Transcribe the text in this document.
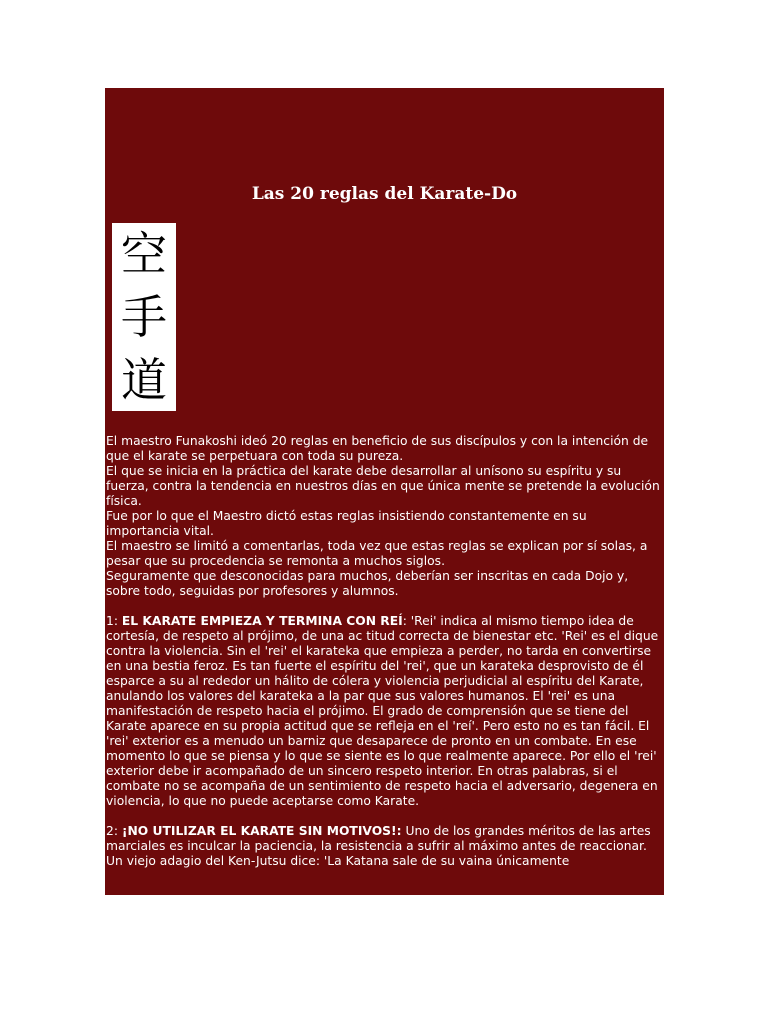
Las 20 reglas del Karate-Do
空
手
道

El maestro Funakoshi ideó 20 reglas en beneficio de sus discípulos y con la intención de que el karate se perpetuara con toda su pureza.

El que se inicia en la práctica del karate debe desarrollar al unísono su espíritu y su fuerza, contra la tendencia en nuestros días en que única mente se pretende la evolución física.

Fue por lo que el Maestro dictó estas reglas insistiendo constantemente en su importancia vital.

El maestro se limitó a comentarlas, toda vez que estas reglas se explican por sí solas, a pesar que su procedencia se remonta a muchos siglos.

Seguramente que desconocidas para muchos, deberían ser inscritas en cada Dojo y, sobre todo, seguidas por profesores y alumnos.

1: EL KARATE EMPIEZA Y TERMINA CON REÍ: 'Rei' indica al mismo tiempo idea de cortesía, de respeto al prójimo, de una ac titud correcta de bienestar etc. 'Rei' es el dique contra la violencia. Sin el 'rei' el karateka que empieza a perder, no tarda en convertirse en una bestia feroz. Es tan fuerte el espíritu del 'rei', que un karateka desprovisto de él esparce a su al rededor un hálito de cólera y violencia perjudicial al espíritu del Karate, anulando los valores del karateka a la par que sus valores humanos. El 'rei' es una manifestación de respeto hacia el prójimo. El grado de comprensión que se tiene del Karate aparece en su propia actitud que se refleja en el 'reí'. Pero esto no es tan fácil. El 'rei' exterior es a menudo un barniz que desaparece de pronto en un combate. En ese momento lo que se piensa y lo que se siente es lo que realmente aparece. Por ello el 'rei' exterior debe ir acompañado de un sincero respeto interior. En otras palabras, si el combate no se acompaña de un sentimiento de respeto hacia el adversario, degenera en violencia, lo que no puede aceptarse como Karate.

2: ¡NO UTILIZAR EL KARATE SIN MOTIVOS!: Uno de los grandes méritos de las artes marciales es inculcar la paciencia, la resistencia a sufrir al máximo antes de reaccionar. Un viejo adagio del Ken-Jutsu dice: 'La Katana sale de su vaina únicamente
